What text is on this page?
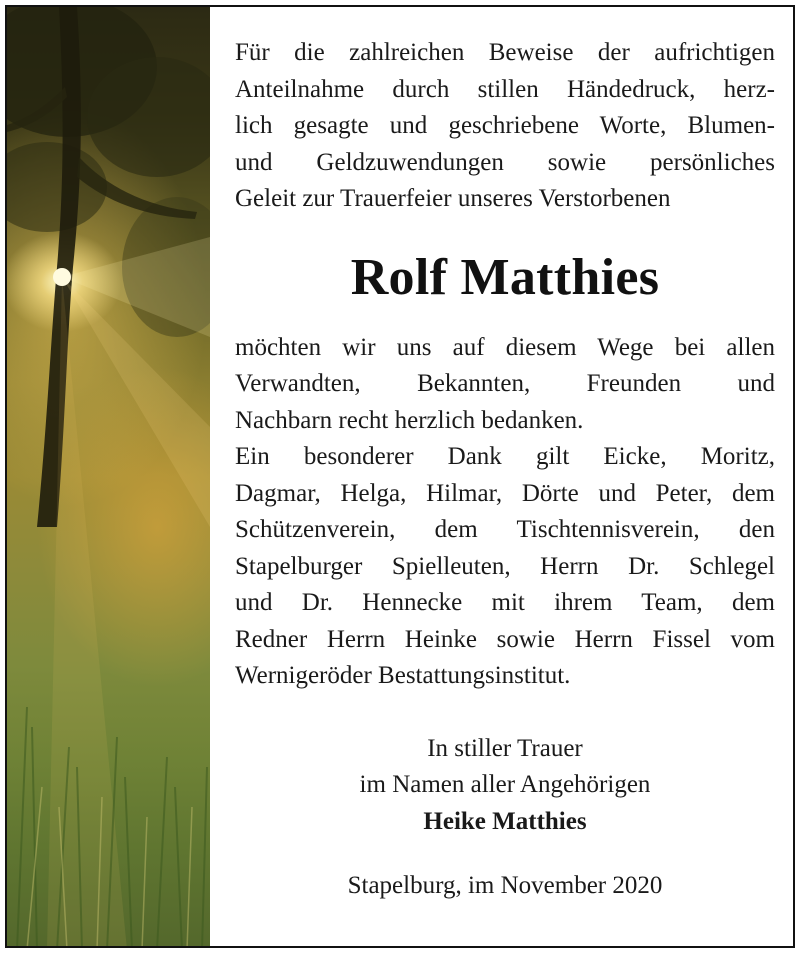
Für die zahlreichen Beweise der aufrichtigen

Anteilnahme durch stillen Händedruck, herz-

lich gesagte und geschriebene Worte, Blumen-

und Geldzuwendungen sowie persönliches

Geleit zur Trauerfeier unseres Verstorbenen

Rolf Matthies

möchten wir uns auf diesem Wege bei allen

Verwandten, Bekannten, Freunden und

Nachbarn recht herzlich bedanken.

Ein besonderer Dank gilt Eicke, Moritz,

Dagmar, Helga, Hilmar, Dörte und Peter, dem

Schützenverein, dem Tischtennisverein, den

Stapelburger Spielleuten, Herrn Dr. Schlegel

und Dr. Hennecke mit ihrem Team, dem

Redner Herrn Heinke sowie Herrn Fissel vom

Wernigeröder Bestattungsinstitut.

In stiller Trauer

im Namen aller Angehörigen

Heike Matthies

Stapelburg, im November 2020
